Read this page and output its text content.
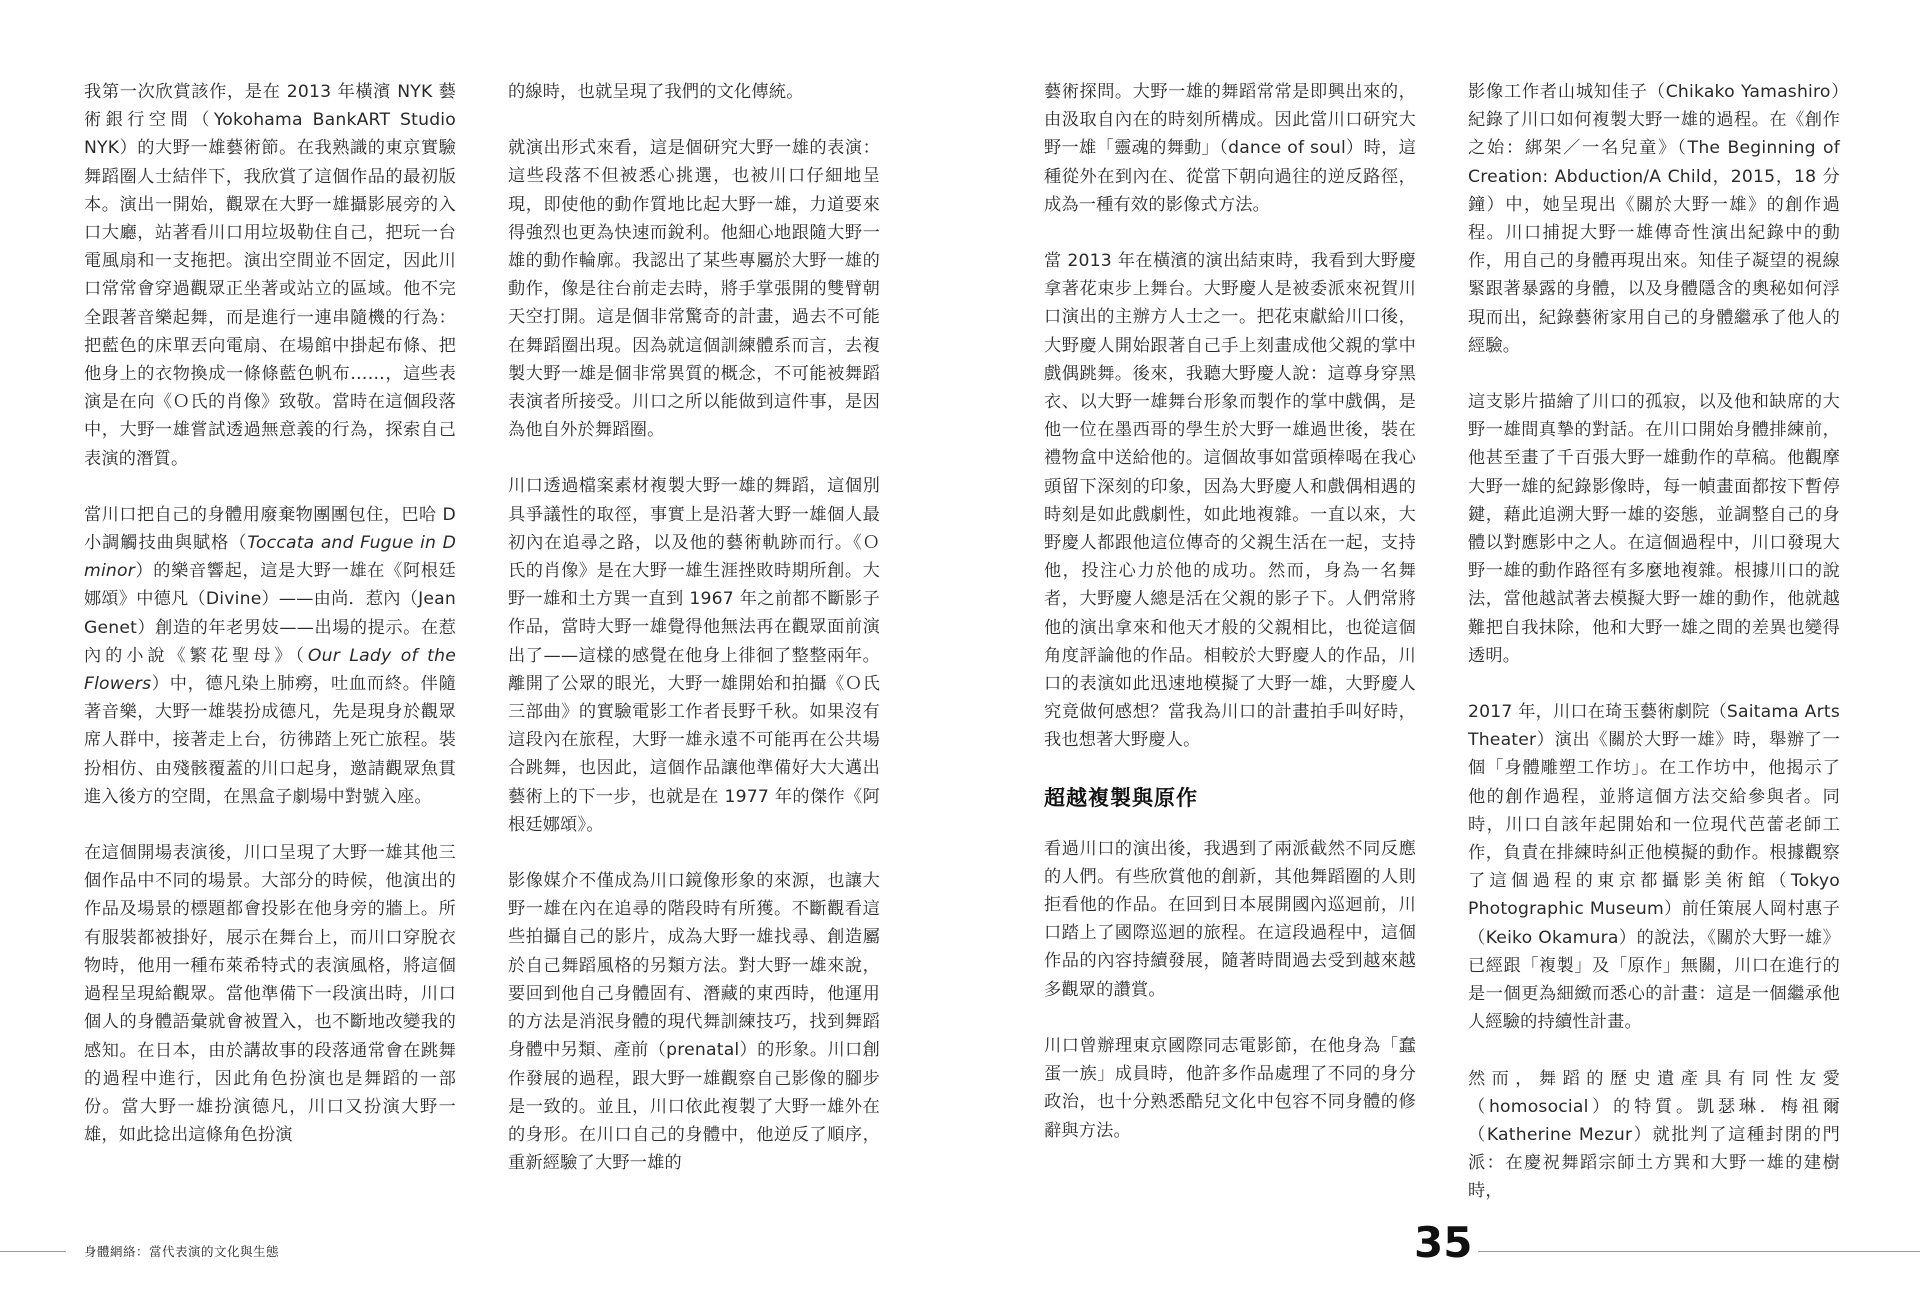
我第一次欣賞該作，是在 2013 年橫濱 NYK 藝術銀行空間（Yokohama BankART Studio NYK）的大野一雄藝術節。在我熟識的東京實驗舞蹈圈人士結伴下，我欣賞了這個作品的最初版本。演出一開始，觀眾在大野一雄攝影展旁的入口大廳，站著看川口用垃圾勒住自己，把玩一台電風扇和一支拖把。演出空間並不固定，因此川口常常會穿過觀眾正坐著或站立的區域。他不完全跟著音樂起舞，而是進行一連串隨機的行為：把藍色的床單丟向電扇、在場館中掛起布條、把他身上的衣物換成一條條藍色帆布……，這些表演是在向《Ｏ氏的肖像》致敬。當時在這個段落中，大野一雄嘗試透過無意義的行為，探索自己表演的潛質。

當川口把自己的身體用廢棄物團團包住，巴哈 D 小調觸技曲與賦格（Toccata and Fugue in D minor）的樂音響起，這是大野一雄在《阿根廷娜頌》中德凡（Divine）——由尚．惹內（Jean Genet）創造的年老男妓——出場的提示。在惹內的小說《繁花聖母》（Our Lady of the Flowers）中，德凡染上肺癆，吐血而終。伴隨著音樂，大野一雄裝扮成德凡，先是現身於觀眾席人群中，接著走上台，彷彿踏上死亡旅程。裝扮相仿、由殘骸覆蓋的川口起身，邀請觀眾魚貫進入後方的空間，在黑盒子劇場中對號入座。

在這個開場表演後，川口呈現了大野一雄其他三個作品中不同的場景。大部分的時候，他演出的作品及場景的標題都會投影在他身旁的牆上。所有服裝都被掛好，展示在舞台上，而川口穿脫衣物時，他用一種布萊希特式的表演風格，將這個過程呈現給觀眾。當他準備下一段演出時，川口個人的身體語彙就會被置入，也不斷地改變我的感知。在日本，由於講故事的段落通常會在跳舞的過程中進行，因此角色扮演也是舞蹈的一部份。當大野一雄扮演德凡，川口又扮演大野一雄，如此捻出這條角色扮演

的線時，也就呈現了我們的文化傳統。

就演出形式來看，這是個研究大野一雄的表演：這些段落不但被悉心挑選，也被川口仔細地呈現，即使他的動作質地比起大野一雄，力道要來得強烈也更為快速而銳利。他細心地跟隨大野一雄的動作輪廓。我認出了某些專屬於大野一雄的動作，像是往台前走去時，將手掌張開的雙臂朝天空打開。這是個非常驚奇的計畫，過去不可能在舞蹈圈出現。因為就這個訓練體系而言，去複製大野一雄是個非常異質的概念，不可能被舞蹈表演者所接受。川口之所以能做到這件事，是因為他自外於舞蹈圈。

川口透過檔案素材複製大野一雄的舞蹈，這個別具爭議性的取徑，事實上是沿著大野一雄個人最初內在追尋之路，以及他的藝術軌跡而行。《Ｏ氏的肖像》是在大野一雄生涯挫敗時期所創。大野一雄和土方巽一直到 1967 年之前都不斷影子作品，當時大野一雄覺得他無法再在觀眾面前演出了——這樣的感覺在他身上徘徊了整整兩年。離開了公眾的眼光，大野一雄開始和拍攝《Ｏ氏三部曲》的實驗電影工作者長野千秋。如果沒有這段內在旅程，大野一雄永遠不可能再在公共場合跳舞，也因此，這個作品讓他準備好大大邁出藝術上的下一步，也就是在 1977 年的傑作《阿根廷娜頌》。

影像媒介不僅成為川口鏡像形象的來源，也讓大野一雄在內在追尋的階段時有所獲。不斷觀看這些拍攝自己的影片，成為大野一雄找尋、創造屬於自己舞蹈風格的另類方法。對大野一雄來說，要回到他自己身體固有、潛藏的東西時，他運用的方法是消泯身體的現代舞訓練技巧，找到舞蹈身體中另類、產前（prenatal）的形象。川口創作發展的過程，跟大野一雄觀察自己影像的腳步是一致的。並且，川口依此複製了大野一雄外在的身形。在川口自己的身體中，他逆反了順序，重新經驗了大野一雄的

藝術探問。大野一雄的舞蹈常常是即興出來的，由汲取自內在的時刻所構成。因此當川口研究大野一雄「靈魂的舞動」（dance of soul）時，這種從外在到內在、從當下朝向過往的逆反路徑，成為一種有效的影像式方法。

當 2013 年在橫濱的演出結束時，我看到大野慶拿著花束步上舞台。大野慶人是被委派來祝賀川口演出的主辦方人士之一。把花束獻給川口後，大野慶人開始跟著自己手上刻畫成他父親的掌中戲偶跳舞。後來，我聽大野慶人說：這尊身穿黑衣、以大野一雄舞台形象而製作的掌中戲偶，是他一位在墨西哥的學生於大野一雄過世後，裝在禮物盒中送給他的。這個故事如當頭棒喝在我心頭留下深刻的印象，因為大野慶人和戲偶相遇的時刻是如此戲劇性，如此地複雜。一直以來，大野慶人都跟他這位傳奇的父親生活在一起，支持他，投注心力於他的成功。然而，身為一名舞者，大野慶人總是活在父親的影子下。人們常將他的演出拿來和他天才般的父親相比，也從這個角度評論他的作品。相較於大野慶人的作品，川口的表演如此迅速地模擬了大野一雄，大野慶人究竟做何感想？當我為川口的計畫拍手叫好時，我也想著大野慶人。

超越複製與原作

看過川口的演出後，我遇到了兩派截然不同反應的人們。有些欣賞他的創新，其他舞蹈圈的人則拒看他的作品。在回到日本展開國內巡迴前，川口踏上了國際巡迴的旅程。在這段過程中，這個作品的內容持續發展，隨著時間過去受到越來越多觀眾的讚賞。

川口曾辦理東京國際同志電影節，在他身為「蠢蛋一族」成員時，他許多作品處理了不同的身分政治，也十分熟悉酷兒文化中包容不同身體的修辭與方法。

影像工作者山城知佳子（Chikako Yamashiro）紀錄了川口如何複製大野一雄的過程。在《創作之始：綁架／一名兒童》（The Beginning of Creation: Abduction/A Child，2015，18 分鐘）中，她呈現出《關於大野一雄》的創作過程。川口捕捉大野一雄傳奇性演出紀錄中的動作，用自己的身體再現出來。知佳子凝望的視線緊跟著暴露的身體，以及身體隱含的奧秘如何浮現而出，紀錄藝術家用自己的身體繼承了他人的經驗。

這支影片描繪了川口的孤寂，以及他和缺席的大野一雄間真摯的對話。在川口開始身體排練前，他甚至畫了千百張大野一雄動作的草稿。他觀摩大野一雄的紀錄影像時，每一幀畫面都按下暫停鍵，藉此追溯大野一雄的姿態，並調整自己的身體以對應影中之人。在這個過程中，川口發現大野一雄的動作路徑有多麼地複雜。根據川口的說法，當他越試著去模擬大野一雄的動作，他就越難把自我抹除，他和大野一雄之間的差異也變得透明。

2017 年，川口在琦玉藝術劇院（Saitama Arts Theater）演出《關於大野一雄》時，舉辦了一個「身體雕塑工作坊」。在工作坊中，他揭示了他的創作過程，並將這個方法交給參與者。同時，川口自該年起開始和一位現代芭蕾老師工作，負責在排練時糾正他模擬的動作。根據觀察了這個過程的東京都攝影美術館（Tokyo Photographic Museum）前任策展人岡村惠子（Keiko Okamura）的說法，《關於大野一雄》已經跟「複製」及「原作」無關，川口在進行的是一個更為細緻而悉心的計畫：這是一個繼承他人經驗的持續性計畫。

然而，舞蹈的歷史遺產具有同性友愛（homosocial）的特質。凱瑟琳．梅祖爾（Katherine Mezur）就批判了這種封閉的門派：在慶祝舞蹈宗師土方巽和大野一雄的建樹時，

身體網絡：當代表演的文化與生態	35
